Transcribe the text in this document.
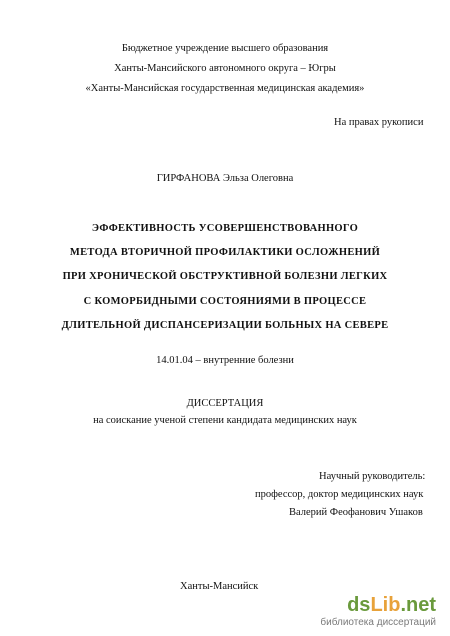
Бюджетное учреждение высшего образования
Ханты-Мансийского автономного округа – Югры
«Ханты-Мансийская государственная медицинская академия»
На правах рукописи
ГИРФАНОВА Эльза Олеговна
ЭФФЕКТИВНОСТЬ УСОВЕРШЕНСТВОВАННОГО
МЕТОДА ВТОРИЧНОЙ ПРОФИЛАКТИКИ ОСЛОЖНЕНИЙ
ПРИ ХРОНИЧЕСКОЙ ОБСТРУКТИВНОЙ БОЛЕЗНИ ЛЕГКИХ
С КОМОРБИДНЫМИ СОСТОЯНИЯМИ В ПРОЦЕССЕ
ДЛИТЕЛЬНОЙ ДИСПАНСЕРИЗАЦИИ БОЛЬНЫХ НА СЕВЕРЕ
14.01.04 – внутренние болезни
ДИССЕРТАЦИЯ
на соискание ученой степени кандидата медицинских наук
Научный руководитель:
профессор, доктор медицинских наук
Валерий Феофанович Ушаков
Ханты-Мансийск
dsLib.net
библиотека диссертаций
